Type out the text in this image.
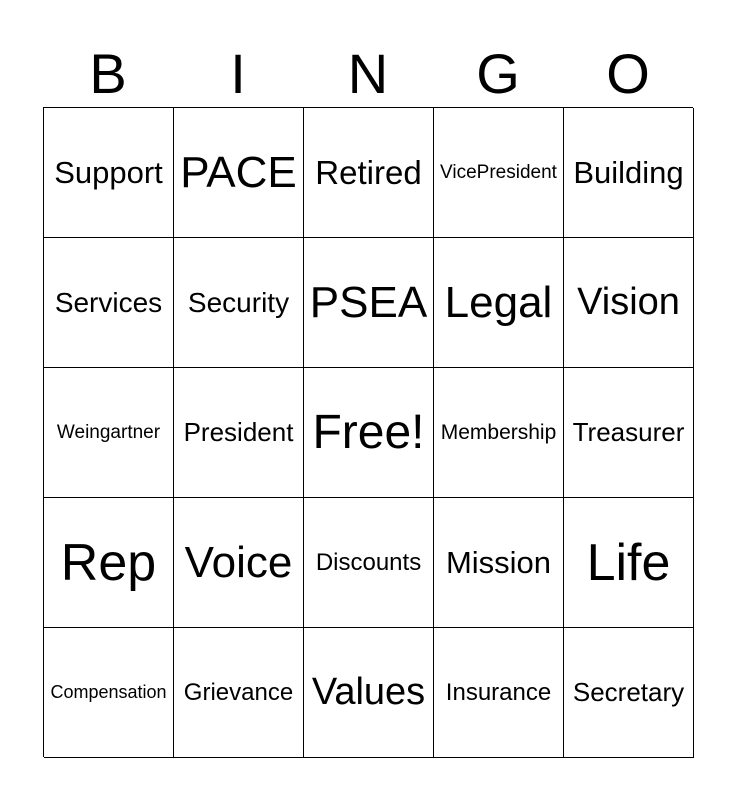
B	I	N	G	O
Support PACE Retired VicePresident Building
Services Security PSEA Legal Vision
Weingartner President Free! Membership Treasurer
Rep Voice Discounts Mission Life
Compensation Grievance Values Insurance Secretary
